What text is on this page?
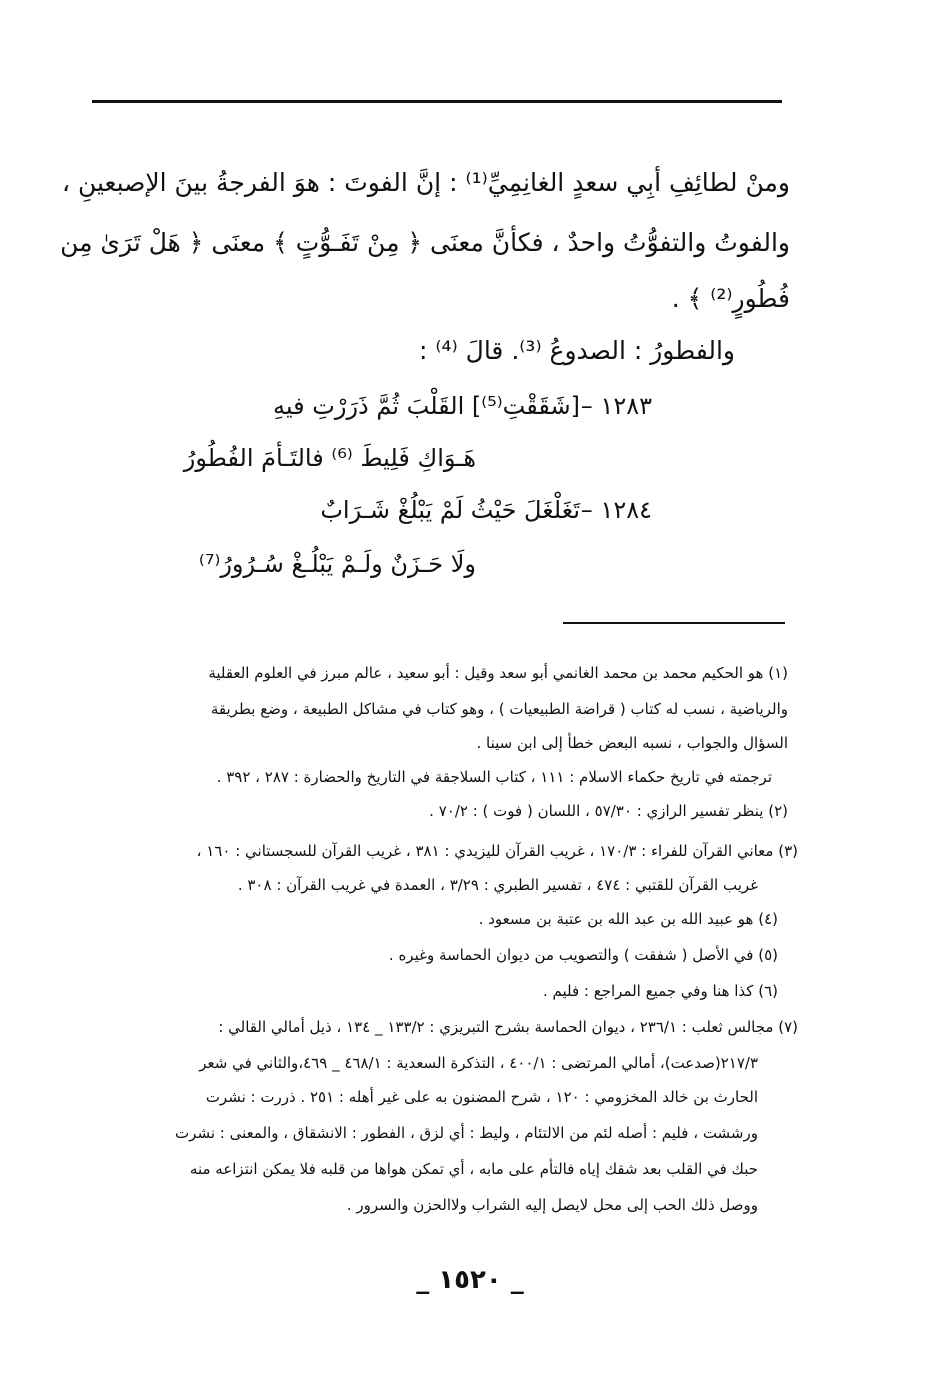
ومنْ لطائِفِ أبِي سعدٍ الغانِمِيِّ⁽¹⁾ : إنَّ الفوتَ : هوَ الفرجةُ بينَ الإصبعينِ ،
والفوتُ والتفوُّتُ واحدٌ ، فكأنَّ معنَى ﴿ مِنْ تَفَـوُّتٍ ﴾ معنَى ﴿ هَلْ تَرَىٰ مِن
فُطُورٍ⁽²⁾ ﴾ .
والفطورُ : الصدوعُ ⁽³⁾. قالَ ⁽⁴⁾ :
١٢٨٣ –
[شَقَقْتِ⁽⁵⁾] القَلْبَ ثُمَّ ذَرَرْتِ فيهِ
هَـوَاكِ فَلِيطَ ⁽⁶⁾ فالتَـأمَ الفُطُورُ
١٢٨٤ –
تَغَلْغَلَ حَيْثُ لَمْ يَبْلُغْ شَـرَابٌ
ولَا حَـزَنٌ ولَـمْ يَبْلُـغْ سُـرُورُ⁽⁷⁾
(١) هو الحكيم محمد بن محمد الغانمي أبو سعد وقيل : أبو سعيد ، عالم مبرز في العلوم العقلية
والرياضية ، نسب له كتاب ( قراضة الطبيعيات ) ، وهو كتاب في مشاكل الطبيعة ، وضع بطريقة
السؤال والجواب ، نسبه البعض خطأ إلى ابن سينا .
ترجمته في تاريخ حكماء الاسلام : ١١١ ، كتاب السلاجقة في التاريخ والحضارة : ٢٨٧ ، ٣٩٢ .
(٢) ينظر تفسير الرازي : ٥٧/٣٠ ، اللسان ( فوت ) : ٧٠/٢ .
(٣) معاني القرآن للفراء : ١٧٠/٣ ، غريب القرآن لليزيدي : ٣٨١ ، غريب القرآن للسجستاني : ١٦٠ ،
غريب القرآن للقتبي : ٤٧٤ ، تفسير الطبري : ٣/٢٩ ، العمدة في غريب القرآن : ٣٠٨ .
(٤) هو عبيد الله بن عبد الله بن عتبة بن مسعود .
(٥) في الأصل ( شفقت ) والتصويب من ديوان الحماسة وغيره .
(٦) كذا هنا وفي جميع المراجع : فليم .
(٧) مجالس ثعلب : ٢٣٦/١ ، ديوان الحماسة بشرح التبريزي : ١٣٣/٢ _ ١٣٤ ، ذيل أمالي القالي :
٢١٧/٣(صدعت)، أمالي المرتضى : ٤٠٠/١ ، التذكرة السعدية : ٤٦٨/١ _ ٤٦٩،والثاني في شعر
الحارث بن خالد المخزومي : ١٢٠ ، شرح المضنون به على غير أهله : ٢٥١ . ذررت : نشرت
ورششت ، فليم : أصله لئم من الالتئام ، وليط : أي لزق ، الفطور : الانشقاق ، والمعنى : نشرت
حبك في القلب بعد شقك إياه فالتأم على مابه ، أي تمكن هواها من قلبه فلا يمكن انتزاعه منه
ووصل ذلك الحب إلى محل لايصل إليه الشراب ولاالحزن والسرور .
_ ١٥٢٠ _
